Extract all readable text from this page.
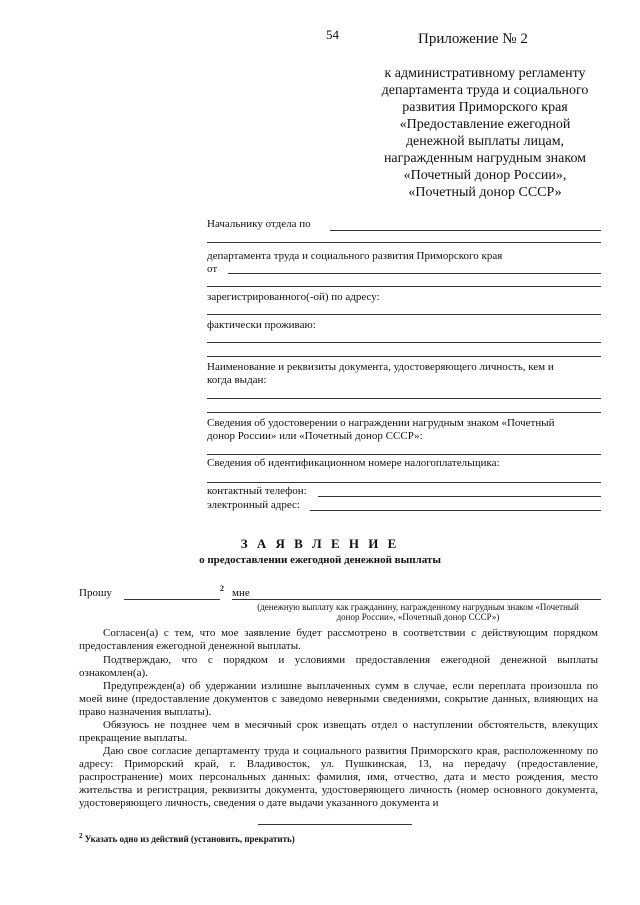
54	Приложение № 2
к административному регламенту
департамента труда и социального
развития Приморского края
«Предоставление ежегодной
денежной выплаты лицам,
награжденным нагрудным знаком
«Почетный донор России»,
«Почетный донор СССР»
Начальнику отдела по
департамента труда и социального развития Приморского края
от
зарегистрированного(-ой) по адресу:
фактически проживаю:
Наименование и реквизиты документа, удостоверяющего личность, кем и
когда выдан:
Сведения об удостоверении о награждении нагрудным знаком «Почетный
донор России» или «Почетный донор СССР»:
Сведения об идентификационном номере налогоплательщика:
контактный телефон:
электронный адрес:
З А Я В Л Е Н И Е
о предоставлении ежегодной денежной выплаты
Прошу	2 мне
(денежную выплату как гражданину, награжденному нагрудным знаком «Почетный
донор России», «Почетный донор СССР»)
Согласен(а) с тем, что мое заявление будет рассмотрено в соответствии с действующим порядком предоставления ежегодной денежной выплаты.
Подтверждаю, что с порядком и условиями предоставления ежегодной денежной выплаты ознакомлен(а).
Предупрежден(а) об удержании излишне выплаченных сумм в случае, если переплата произошла по моей вине (предоставление документов с заведомо неверными сведениями, сокрытие данных, влияющих на право назначения выплаты).
Обязуюсь не позднее чем в месячный срок извещать отдел о наступлении обстоятельств, влекущих прекращение выплаты.
Даю свое согласие департаменту труда и социального развития Приморского края, расположенному по адресу: Приморский край, г. Владивосток, ул. Пушкинская, 13, на передачу (предоставление, распространение) моих персональных данных: фамилия, имя, отчество, дата и место рождения, место жительства и регистрация, реквизиты документа, удостоверяющего личность (номер основного документа, удостоверяющего личность, сведения о дате выдачи указанного документа и
$^2$ Указать одно из действий (установить, прекратить)
